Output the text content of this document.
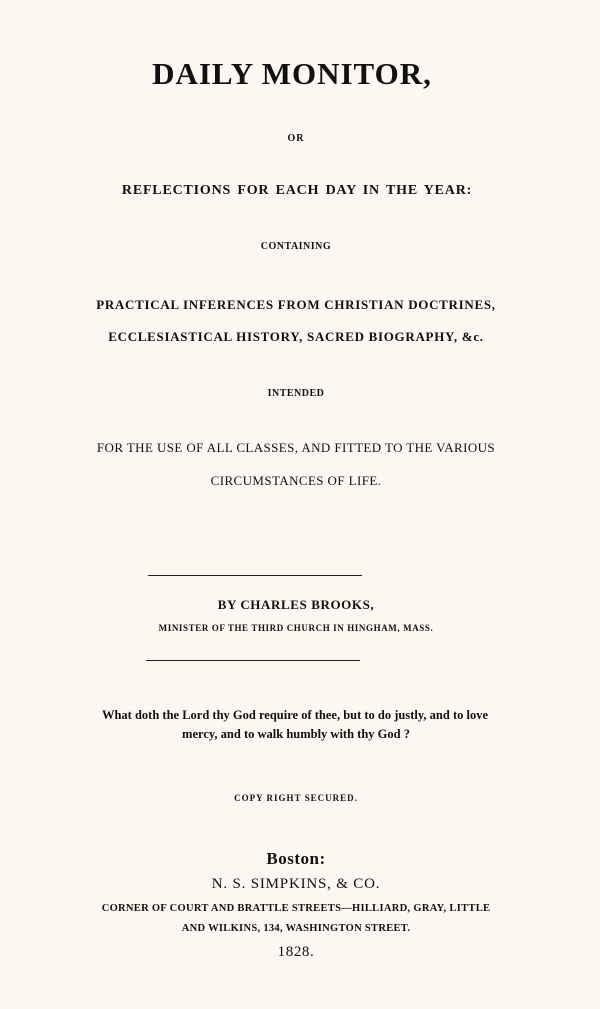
DAILY MONITOR,
OR
REFLECTIONS FOR EACH DAY IN THE YEAR:
CONTAINING
PRACTICAL INFERENCES FROM CHRISTIAN DOCTRINES,
ECCLESIASTICAL HISTORY, SACRED BIOGRAPHY, &c.
INTENDED
FOR THE USE OF ALL CLASSES, AND FITTED TO THE VARIOUS
CIRCUMSTANCES OF LIFE.
BY CHARLES BROOKS,
MINISTER OF THE THIRD CHURCH IN HINGHAM, MASS.
What doth the Lord thy God require of thee, but to do justly, and to love
mercy, and to walk humbly with thy God ?
COPY RIGHT SECURED.
Boston:
N. S. SIMPKINS, & CO.
CORNER OF COURT AND BRATTLE STREETS—HILLIARD, GRAY, LITTLE
AND WILKINS, 134, WASHINGTON STREET.
1828.
